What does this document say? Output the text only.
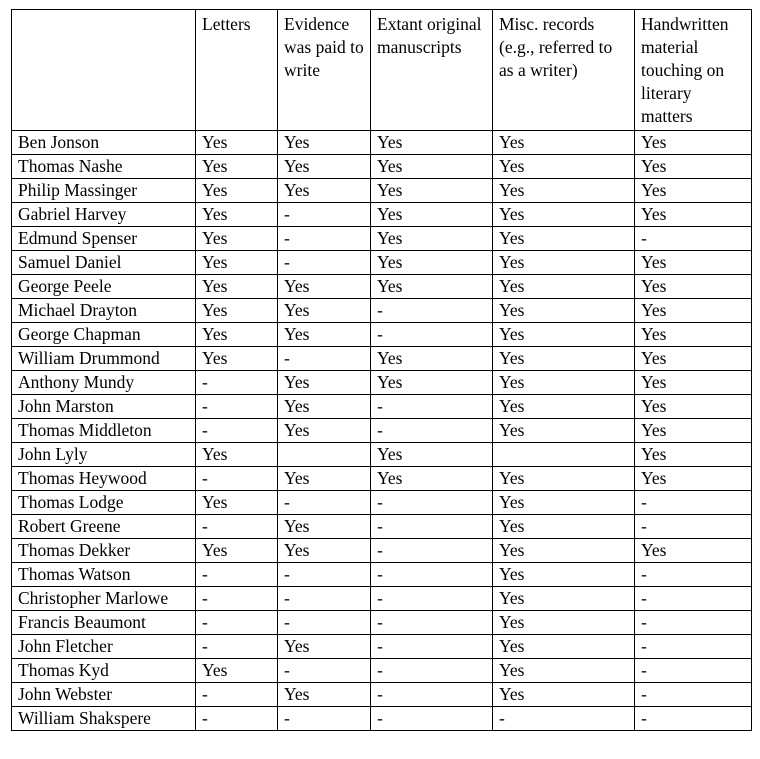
	Letters	Evidence was paid to write	Extant original manuscripts	Misc. records (e.g., referred to as a writer)	Handwritten material touching on literary matters

Ben Jonson	Yes	Yes	Yes	Yes	Yes

Thomas Nashe	Yes	Yes	Yes	Yes	Yes

Philip Massinger	Yes	Yes	Yes	Yes	Yes

Gabriel Harvey	Yes	-	Yes	Yes	Yes

Edmund Spenser	Yes	-	Yes	Yes	-

Samuel Daniel	Yes	-	Yes	Yes	Yes

George Peele	Yes	Yes	Yes	Yes	Yes

Michael Drayton	Yes	Yes	-	Yes	Yes

George Chapman	Yes	Yes	-	Yes	Yes

William Drummond	Yes	-	Yes	Yes	Yes

Anthony Mundy	-	Yes	Yes	Yes	Yes

John Marston	-	Yes	-	Yes	Yes

Thomas Middleton	-	Yes	-	Yes	Yes

John Lyly	Yes		Yes		Yes

Thomas Heywood	-	Yes	Yes	Yes	Yes

Thomas Lodge	Yes	-	-	Yes	-

Robert Greene	-	Yes	-	Yes	-

Thomas Dekker	Yes	Yes	-	Yes	Yes

Thomas Watson	-	-	-	Yes	-

Christopher Marlowe	-	-	-	Yes	-

Francis Beaumont	-	-	-	Yes	-

John Fletcher	-	Yes	-	Yes	-

Thomas Kyd	Yes	-	-	Yes	-

John Webster	-	Yes	-	Yes	-

William Shakspere	-	-	-	-	-
